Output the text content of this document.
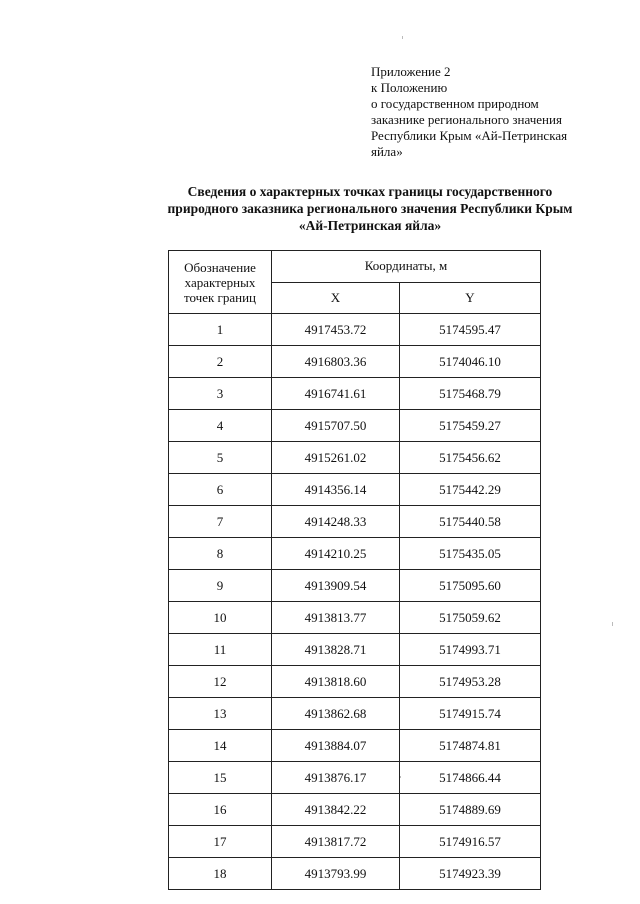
Приложение 2
к Положению
о государственном природном
заказнике регионального значения
Республики Крым «Ай-Петринская
яйла»
Сведения о характерных точках границы государственного
природного заказника регионального значения Республики Крым
«Ай-Петринская яйла»
Обозначение характерных точек границ	Координаты, м	
	X	Y
1	4917453.72	5174595.47
2	4916803.36	5174046.10
3	4916741.61	5175468.79
4	4915707.50	5175459.27
5	4915261.02	5175456.62
6	4914356.14	5175442.29
7	4914248.33	5175440.58
8	4914210.25	5175435.05
9	4913909.54	5175095.60
10	4913813.77	5175059.62
11	4913828.71	5174993.71
12	4913818.60	5174953.28
13	4913862.68	5174915.74
14	4913884.07	5174874.81
15	4913876.17	5174866.44
16	4913842.22	5174889.69
17	4913817.72	5174916.57
18	4913793.99	5174923.39
